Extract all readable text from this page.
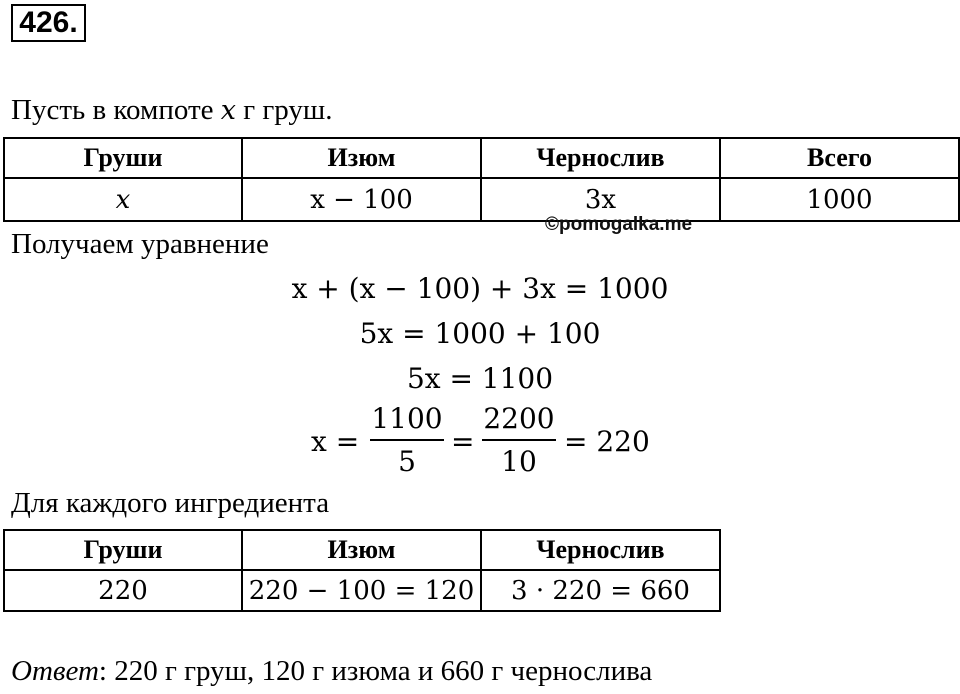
426.
Пусть в компоте x г груш.
Груши	Изюм	Чернослив	Всего
x	x − 100	3x	1000
©pomogalka.me
Получаем уравнение
x + (x − 100) + 3x = 1000
5x = 1000 + 100
5x = 1100
x =
1100
5
=
2200
10
= 220
Для каждого ингредиента
Груши	Изюм	Чернослив
220	220 − 100 = 120	3 · 220 = 660
Ответ: 220 г груш, 120 г изюма и 660 г чернослива
